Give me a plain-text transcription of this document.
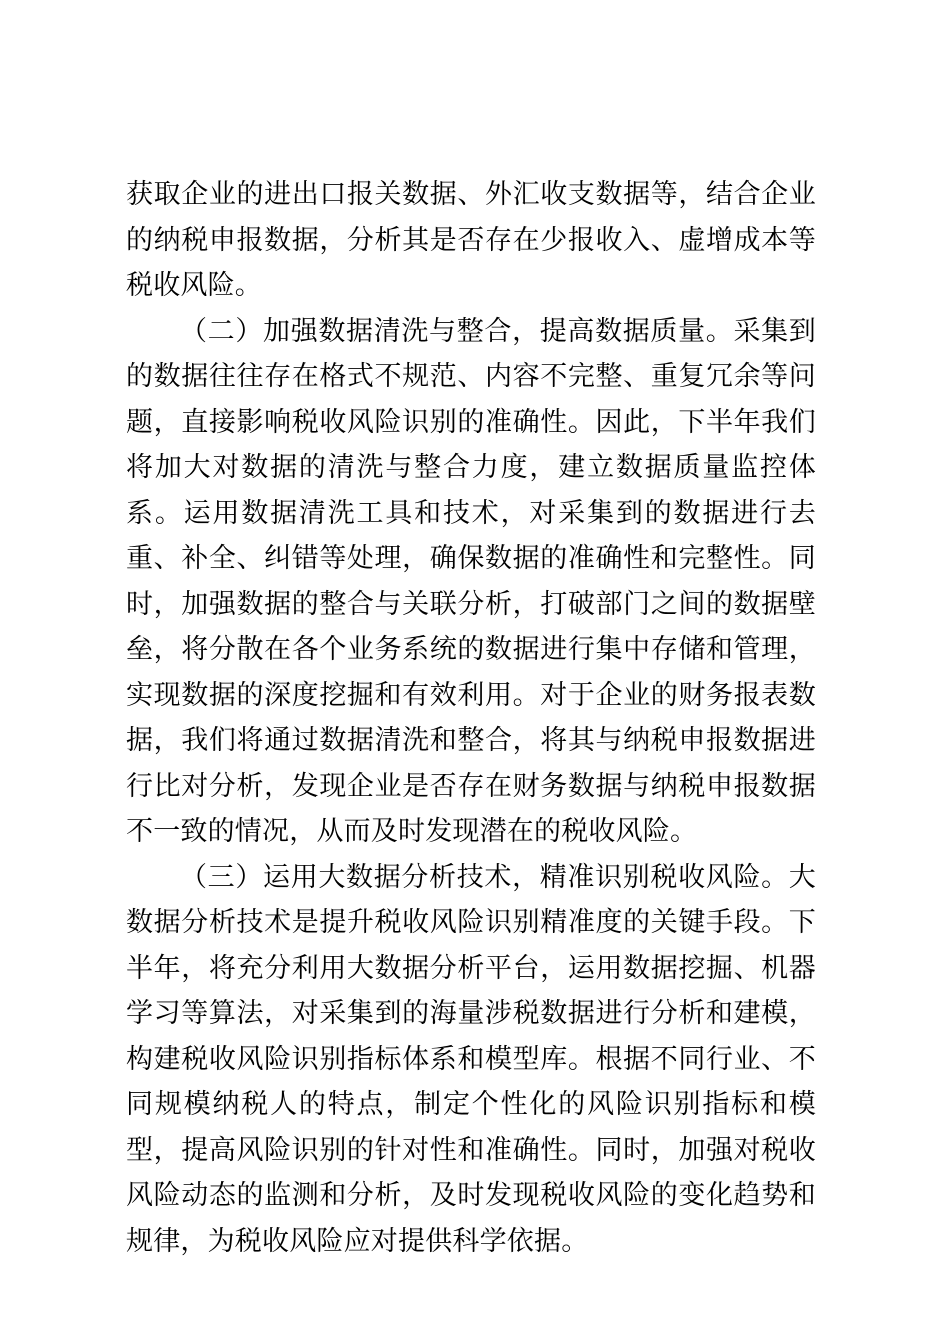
获取企业的进出口报关数据、外汇收支数据等，结合企业的纳税申报数据，分析其是否存在少报收入、虚增成本等税收风险。

（二）加强数据清洗与整合，提高数据质量。采集到的数据往往存在格式不规范、内容不完整、重复冗余等问题，直接影响税收风险识别的准确性。因此，下半年我们将加大对数据的清洗与整合力度，建立数据质量监控体系。运用数据清洗工具和技术，对采集到的数据进行去重、补全、纠错等处理，确保数据的准确性和完整性。同时，加强数据的整合与关联分析，打破部门之间的数据壁垒，将分散在各个业务系统的数据进行集中存储和管理，实现数据的深度挖掘和有效利用。对于企业的财务报表数据，我们将通过数据清洗和整合，将其与纳税申报数据进行比对分析，发现企业是否存在财务数据与纳税申报数据不一致的情况，从而及时发现潜在的税收风险。

（三）运用大数据分析技术，精准识别税收风险。大数据分析技术是提升税收风险识别精准度的关键手段。下半年，将充分利用大数据分析平台，运用数据挖掘、机器学习等算法，对采集到的海量涉税数据进行分析和建模，构建税收风险识别指标体系和模型库。根据不同行业、不同规模纳税人的特点，制定个性化的风险识别指标和模型，提高风险识别的针对性和准确性。同时，加强对税收风险动态的监测和分析，及时发现税收风险的变化趋势和规律，为税收风险应对提供科学依据。
